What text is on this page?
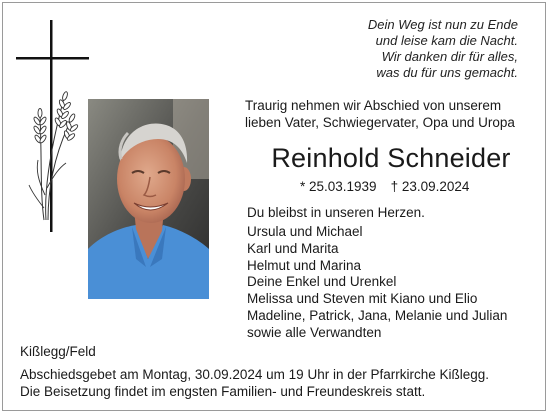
Dein Weg ist nun zu Ende
und leise kam die Nacht.
Wir danken dir für alles,
was du für uns gemacht.
Traurig nehmen wir Abschied von unserem
lieben Vater, Schwiegervater, Opa und Uropa
Reinhold Schneider
* 25.03.1939 † 23.09.2024
Du bleibst in unseren Herzen.
Ursula und Michael
Karl und Marita
Helmut und Marina
Deine Enkel und Urenkel
Melissa und Steven mit Kiano und Elio
Madeline, Patrick, Jana, Melanie und Julian
sowie alle Verwandten
Kißlegg/Feld
Abschiedsgebet am Montag, 30.09.2024 um 19 Uhr in der Pfarrkirche Kißlegg.
Die Beisetzung findet im engsten Familien- und Freundeskreis statt.
